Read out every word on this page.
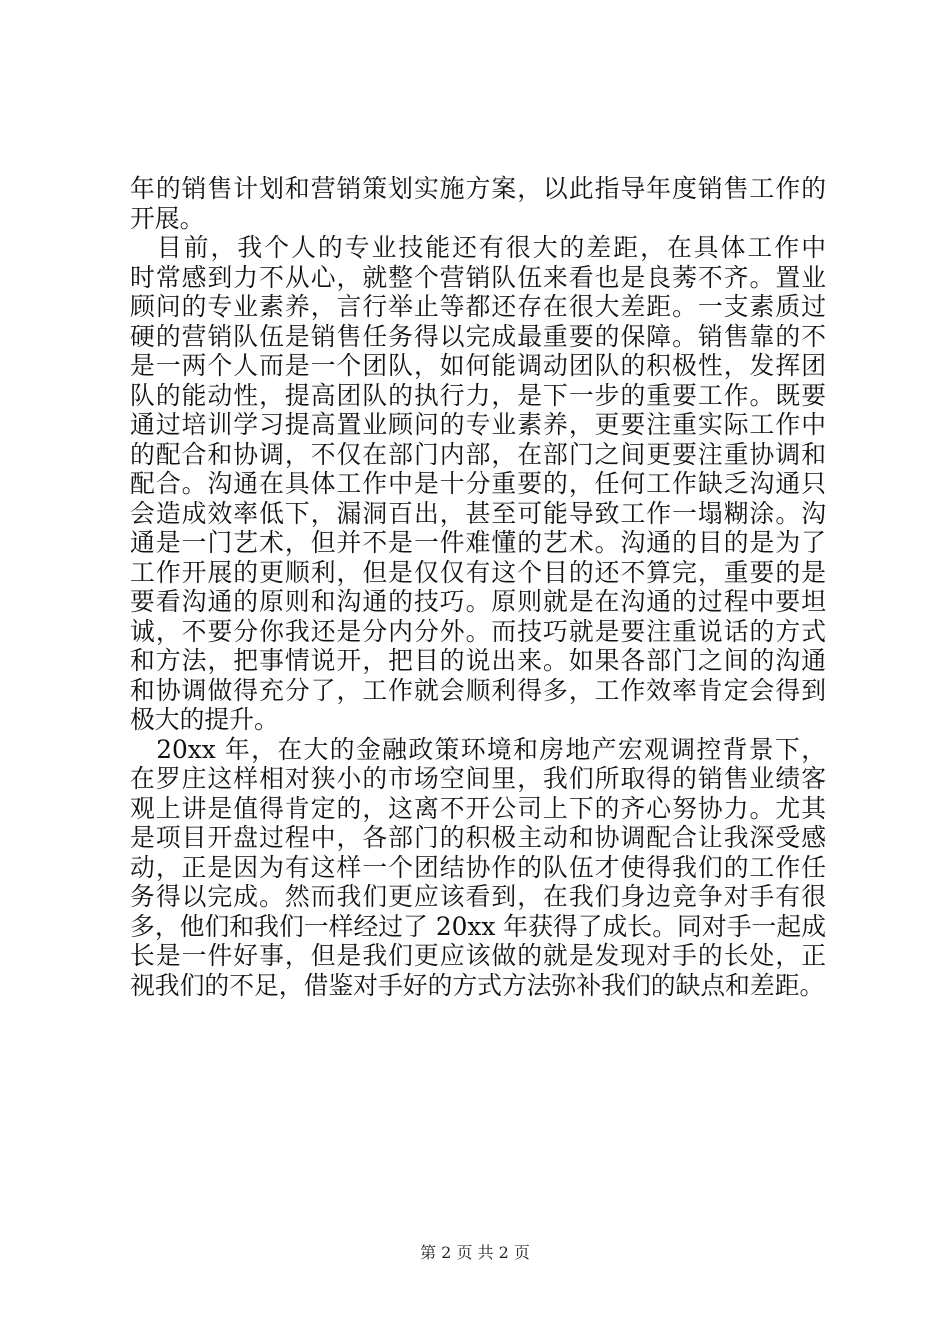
年的销售计划和营销策划实施方案，以此指导年度销售工作的
开展。
　目前，我个人的专业技能还有很大的差距，在具体工作中
时常感到力不从心，就整个营销队伍来看也是良莠不齐。置业
顾问的专业素养，言行举止等都还存在很大差距。一支素质过
硬的营销队伍是销售任务得以完成最重要的保障。销售靠的不
是一两个人而是一个团队，如何能调动团队的积极性，发挥团
队的能动性，提高团队的执行力，是下一步的重要工作。既要
通过培训学习提高置业顾问的专业素养，更要注重实际工作中
的配合和协调，不仅在部门内部，在部门之间更要注重协调和
配合。沟通在具体工作中是十分重要的，任何工作缺乏沟通只
会造成效率低下，漏洞百出，甚至可能导致工作一塌糊涂。沟
通是一门艺术，但并不是一件难懂的艺术。沟通的目的是为了
工作开展的更顺利，但是仅仅有这个目的还不算完，重要的是
要看沟通的原则和沟通的技巧。原则就是在沟通的过程中要坦
诚，不要分你我还是分内分外。而技巧就是要注重说话的方式
和方法，把事情说开，把目的说出来。如果各部门之间的沟通
和协调做得充分了，工作就会顺利得多，工作效率肯定会得到
极大的提升。
　20xx 年，在大的金融政策环境和房地产宏观调控背景下，
在罗庄这样相对狭小的市场空间里，我们所取得的销售业绩客
观上讲是值得肯定的，这离不开公司上下的齐心努协力。尤其
是项目开盘过程中，各部门的积极主动和协调配合让我深受感
动，正是因为有这样一个团结协作的队伍才使得我们的工作任
务得以完成。然而我们更应该看到，在我们身边竞争对手有很
多，他们和我们一样经过了 20xx 年获得了成长。同对手一起成
长是一件好事，但是我们更应该做的就是发现对手的长处，正
视我们的不足，借鉴对手好的方式方法弥补我们的缺点和差距。
第 2 页 共 2 页
